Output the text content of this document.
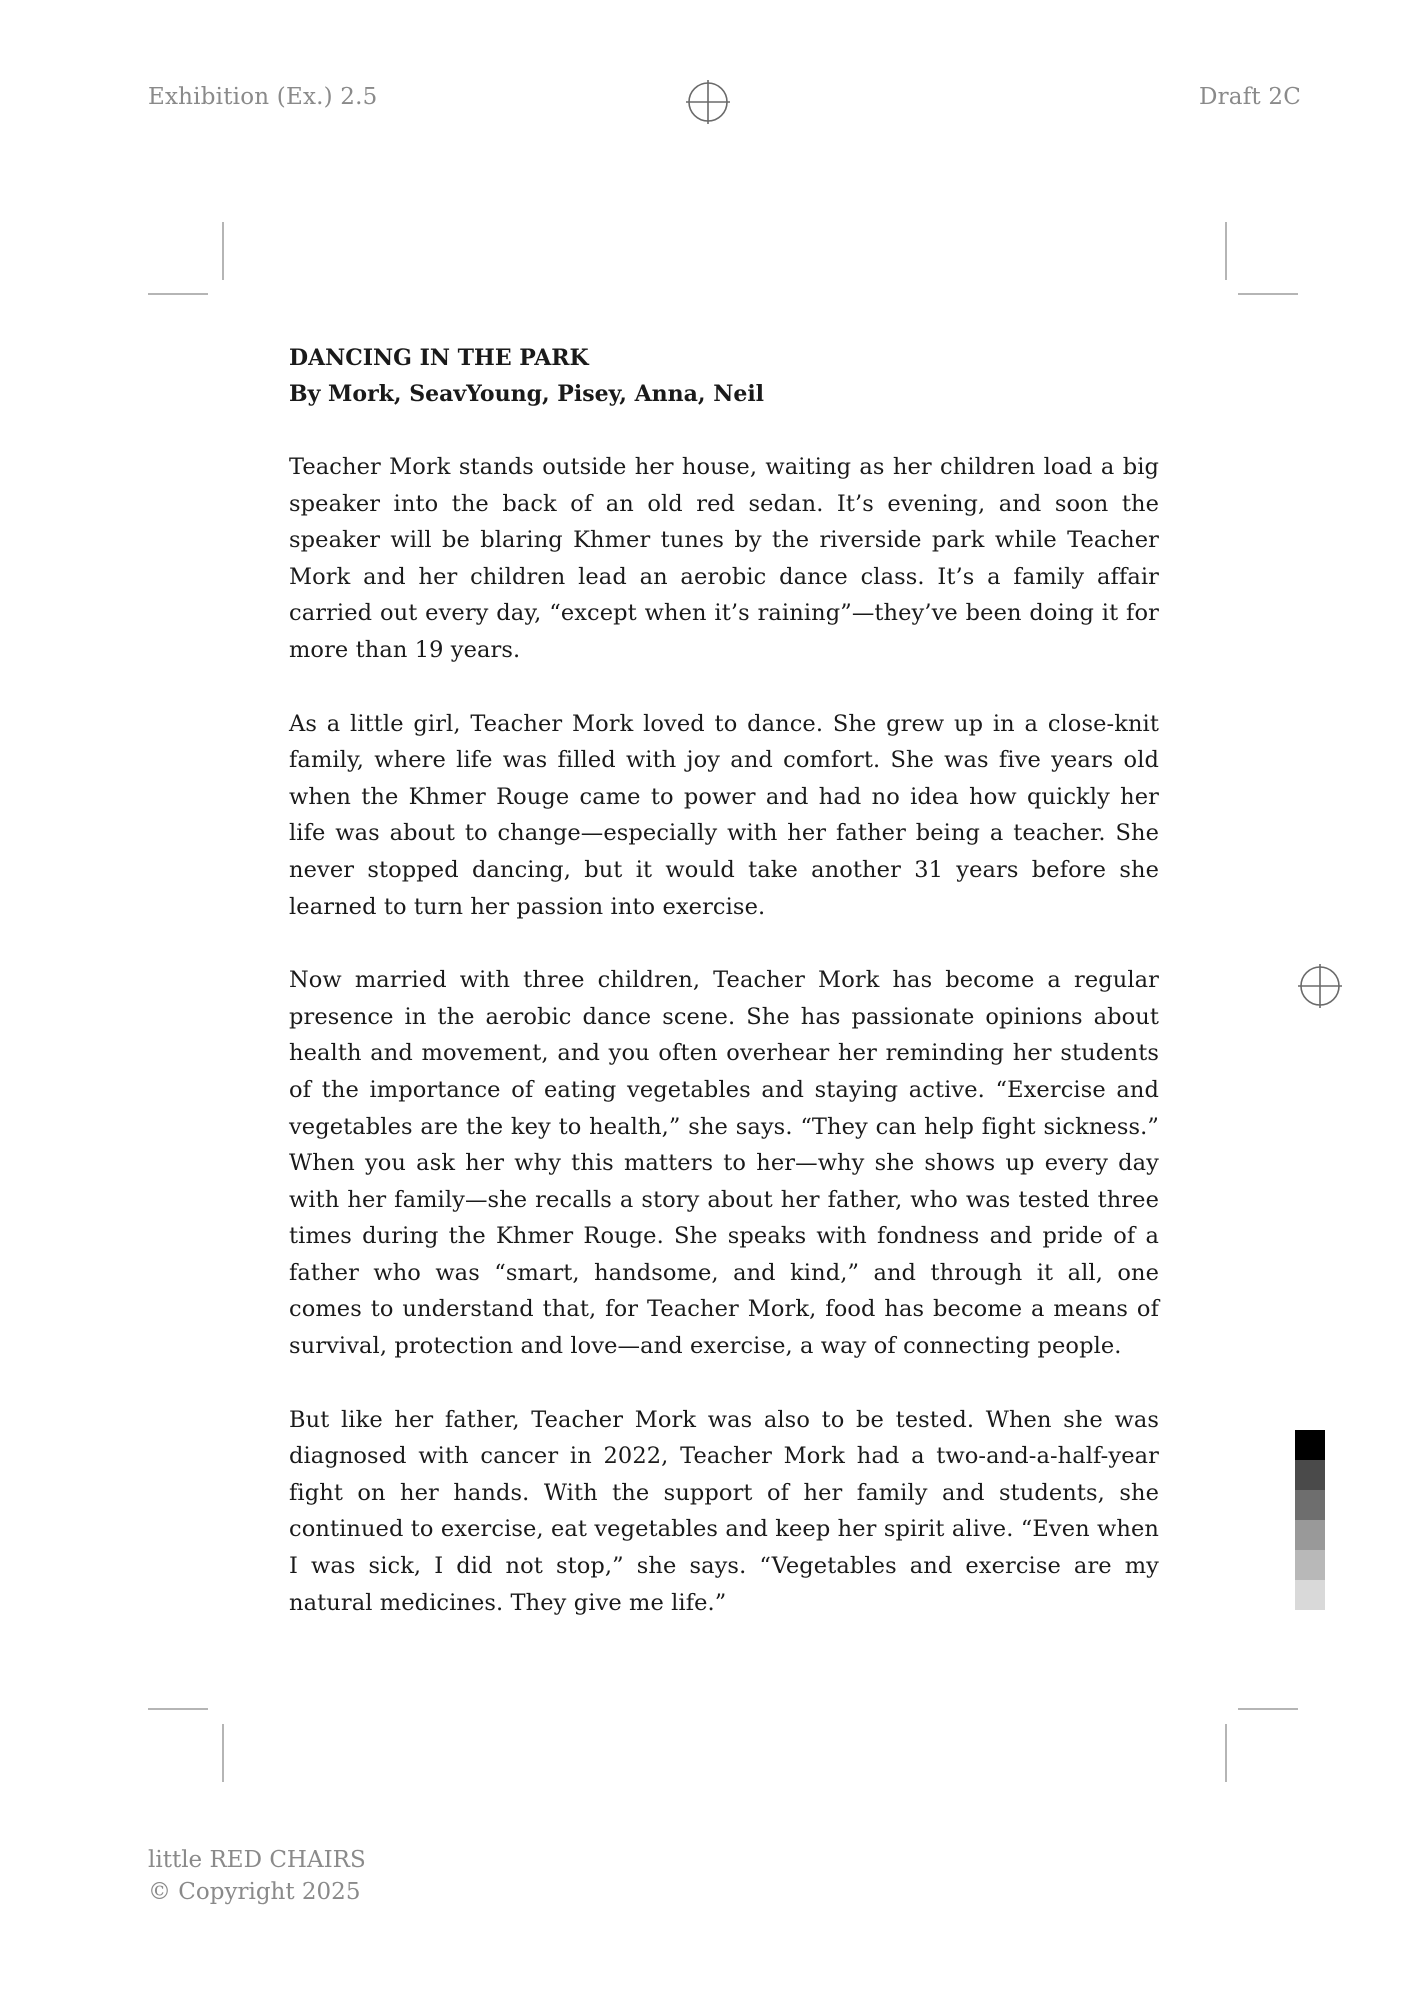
Exhibition (Ex.) 2.5	Draft 2C

DANCING IN THE PARK

By Mork, SeavYoung, Pisey, Anna, Neil

Teacher Mork stands outside her house, waiting as her children load a big speaker into the back of an old red sedan. It’s evening, and soon the speaker will be blaring Khmer tunes by the riverside park while Teacher Mork and her children lead an aerobic dance class. It’s a family affair carried out every day, “except when it’s raining”—they’ve been doing it for more than 19 years.

As a little girl, Teacher Mork loved to dance. She grew up in a close-knit family, where life was filled with joy and comfort. She was five years old when the Khmer Rouge came to power and had no idea how quickly her life was about to change—especially with her father being a teacher. She never stopped dancing, but it would take another 31 years before she learned to turn her passion into exercise.

Now married with three children, Teacher Mork has become a regular presence in the aerobic dance scene. She has passionate opinions about health and movement, and you often overhear her reminding her students of the importance of eating vegetables and staying active. “Exercise and vegetables are the key to health,” she says. “They can help fight sickness.” When you ask her why this matters to her—why she shows up every day with her family—she recalls a story about her father, who was tested three times during the Khmer Rouge. She speaks with fondness and pride of a father who was “smart, handsome, and kind,” and through it all, one comes to understand that, for Teacher Mork, food has become a means of survival, protection and love—and exercise, a way of connecting people.

But like her father, Teacher Mork was also to be tested. When she was diagnosed with cancer in 2022, Teacher Mork had a two-and-a-half-year fight on her hands. With the support of her family and students, she continued to exercise, eat vegetables and keep her spirit alive. “Even when I was sick, I did not stop,” she says. “Vegetables and exercise are my natural medicines. They give me life.”

little RED CHAIRS
© Copyright 2025
